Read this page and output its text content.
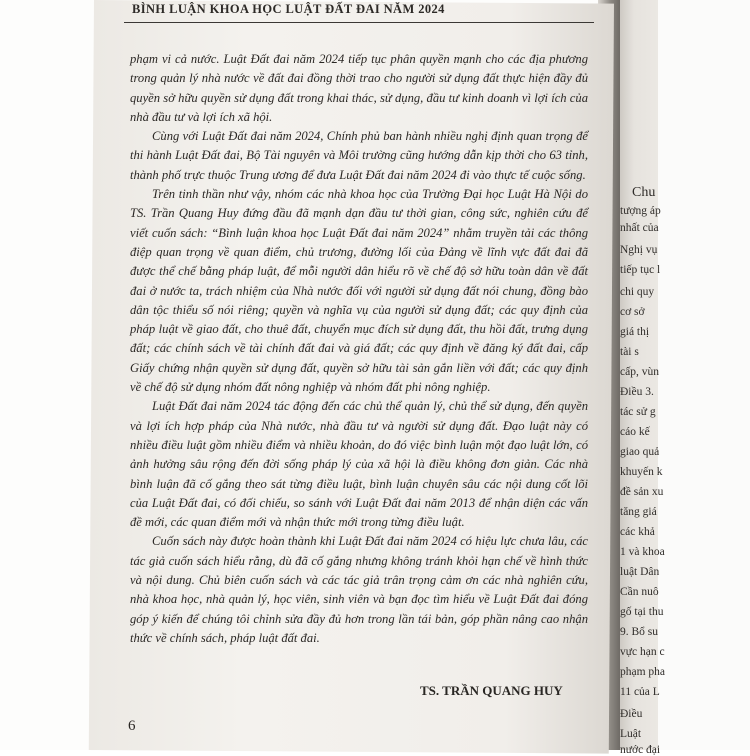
Chu
tượng áp
nhất của
Nghị vụ
tiếp tục l
chi quy
cơ sở
giá thị
tài s
cấp, vùn
Điều 3.
tác sử g
cáo kế
giao quả
khuyến k
đề sản xu
tăng giá
các khả
1 và khoa
luật Dân
Cần nuô
gố tại thu
9. Bổ su
vực hạn c
phạm pha
11 của L
Điều
Luật
nước đại
BÌNH LUẬN KHOA HỌC LUẬT ĐẤT ĐAI NĂM 2024

phạm vi cả nước. Luật Đất đai năm 2024 tiếp tục phân quyền mạnh cho các địa phương trong quản lý nhà nước về đất đai đồng thời trao cho người sử dụng đất thực hiện đầy đủ quyền sở hữu quyền sử dụng đất trong khai thác, sử dụng, đầu tư kinh doanh vì lợi ích của nhà đầu tư và lợi ích xã hội.

Cùng với Luật Đất đai năm 2024, Chính phủ ban hành nhiều nghị định quan trọng để thi hành Luật Đất đai, Bộ Tài nguyên và Môi trường cũng hướng dẫn kịp thời cho 63 tỉnh, thành phố trực thuộc Trung ương để đưa Luật Đất đai năm 2024 đi vào thực tế cuộc sống.

Trên tinh thần như vậy, nhóm các nhà khoa học của Trường Đại học Luật Hà Nội do TS. Trần Quang Huy đứng đầu đã mạnh dạn đầu tư thời gian, công sức, nghiên cứu để viết cuốn sách: “Bình luận khoa học Luật Đất đai năm 2024” nhằm truyền tải các thông điệp quan trọng về quan điểm, chủ trương, đường lối của Đảng về lĩnh vực đất đai đã được thể chế bằng pháp luật, để mỗi người dân hiểu rõ về chế độ sở hữu toàn dân về đất đai ở nước ta, trách nhiệm của Nhà nước đối với người sử dụng đất nói chung, đồng bào dân tộc thiểu số nói riêng; quyền và nghĩa vụ của người sử dụng đất; các quy định của pháp luật về giao đất, cho thuê đất, chuyển mục đích sử dụng đất, thu hồi đất, trưng dụng đất; các chính sách về tài chính đất đai và giá đất; các quy định về đăng ký đất đai, cấp Giấy chứng nhận quyền sử dụng đất, quyền sở hữu tài sản gắn liền với đất; các quy định về chế độ sử dụng nhóm đất nông nghiệp và nhóm đất phi nông nghiệp.

Luật Đất đai năm 2024 tác động đến các chủ thể quản lý, chủ thể sử dụng, đến quyền và lợi ích hợp pháp của Nhà nước, nhà đầu tư và người sử dụng đất. Đạo luật này có nhiều điều luật gồm nhiều điểm và nhiều khoản, do đó việc bình luận một đạo luật lớn, có ảnh hưởng sâu rộng đến đời sống pháp lý của xã hội là điều không đơn giản. Các nhà bình luận đã cố gắng theo sát từng điều luật, bình luận chuyên sâu các nội dung cốt lõi của Luật Đất đai, có đối chiếu, so sánh với Luật Đất đai năm 2013 để nhận diện các vấn đề mới, các quan điểm mới và nhận thức mới trong từng điều luật.

Cuốn sách này được hoàn thành khi Luật Đất đai năm 2024 có hiệu lực chưa lâu, các tác giả cuốn sách hiểu rằng, dù đã cố gắng nhưng không tránh khỏi hạn chế về hình thức và nội dung. Chủ biên cuốn sách và các tác giả trân trọng cảm ơn các nhà nghiên cứu, nhà khoa học, nhà quản lý, học viên, sinh viên và bạn đọc tìm hiểu về Luật Đất đai đóng góp ý kiến để chúng tôi chỉnh sửa đầy đủ hơn trong lần tái bản, góp phần nâng cao nhận thức về chính sách, pháp luật đất đai.

TS. TRẦN QUANG HUY
6
